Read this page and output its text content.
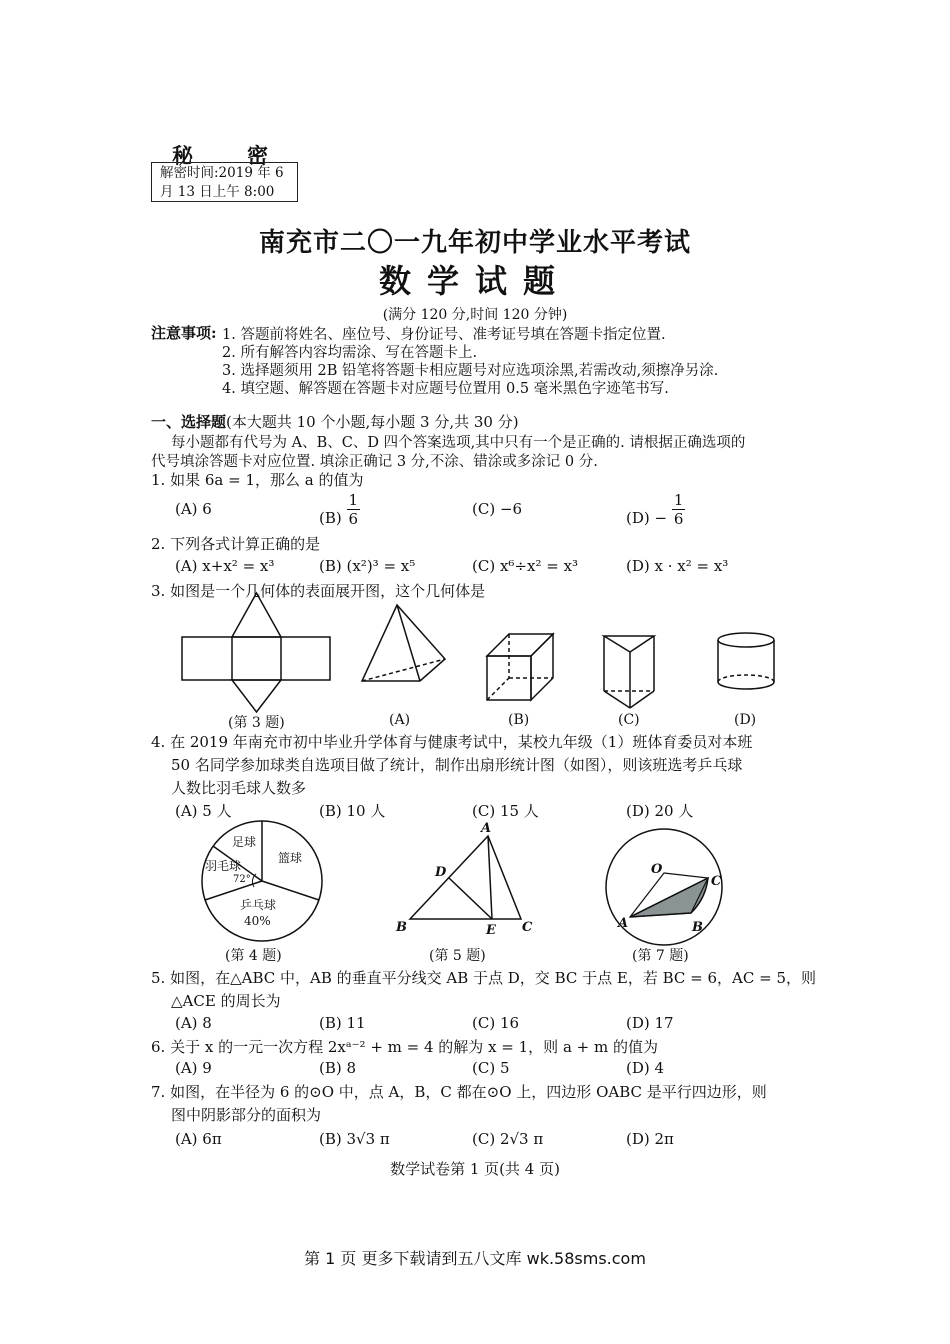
秘密
解密时间:2019 年 6
月 13 日上午 8:00
南充市二〇一九年初中学业水平考试
数学试题
(满分 120 分,时间 120 分钟)
注意事项: 1. 答题前将姓名、座位号、身份证号、准考证号填在答题卡指定位置.
2. 所有解答内容均需涂、写在答题卡上.
3. 选择题须用 2B 铅笔将答题卡相应题号对应选项涂黑,若需改动,须擦净另涂.
4. 填空题、解答题在答题卡对应题号位置用 0.5 毫米黑色字迹笔书写.
一、选择题(本大题共 10 个小题,每小题 3 分,共 30 分)
每小题都有代号为 A、B、C、D 四个答案选项,其中只有一个是正确的. 请根据正确选项的
代号填涂答题卡对应位置. 填涂正确记 3 分,不涂、错涂或多涂记 0 分.
1. 如果 6a = 1，那么 a 的值为
(A) 6	$(B) \frac{1}{6}$	(C) −6	$(D) - \frac{1}{6}$
2. 下列各式计算正确的是
(A) x+x² = x³	(B) (x²)³ = x⁵	(C) x⁶÷x² = x³	(D) x · x² = x³
3. 如图是一个几何体的表面展开图，这个几何体是
(第 3 题)	(A)	(B)	(C)	(D)
4. 在 2019 年南充市初中毕业升学体育与健康考试中，某校九年级（1）班体育委员对本班
50 名同学参加球类自选项目做了统计，制作出扇形统计图（如图），则该班选考乒乓球
人数比羽毛球人数多
(A) 5 人	(B) 10 人	(C) 15 人	(D) 20 人
足球
羽毛 球
72°
篮球
乒乓球
40%
A
B	C
D
E
O
A	B
C
(第 4 题)	(第 5 题)	(第 7 题)
5. 如图，在△ABC 中，AB 的垂直平分线交 AB 于点 D，交 BC 于点 E，若 BC = 6，AC = 5，则
△ACE 的周长为
(A) 8	(B) 11	(C) 16	(D) 17
6. 关于 x 的一元一次方程 2xᵃ⁻² + m = 4 的解为 x = 1，则 a + m 的值为
(A) 9	(B) 8	(C) 5	(D) 4
7. 如图，在半径为 6 的⊙O 中，点 A，B，C 都在⊙O 上，四边形 OABC 是平行四边形，则
图中阴影部分的面积为
(A) 6π	(B) 3√3 π	(C) 2√3 π	(D) 2π
数学试卷第 1 页(共 4 页)
第 1 页 更多下载请到五八文库 wk.58sms.com
